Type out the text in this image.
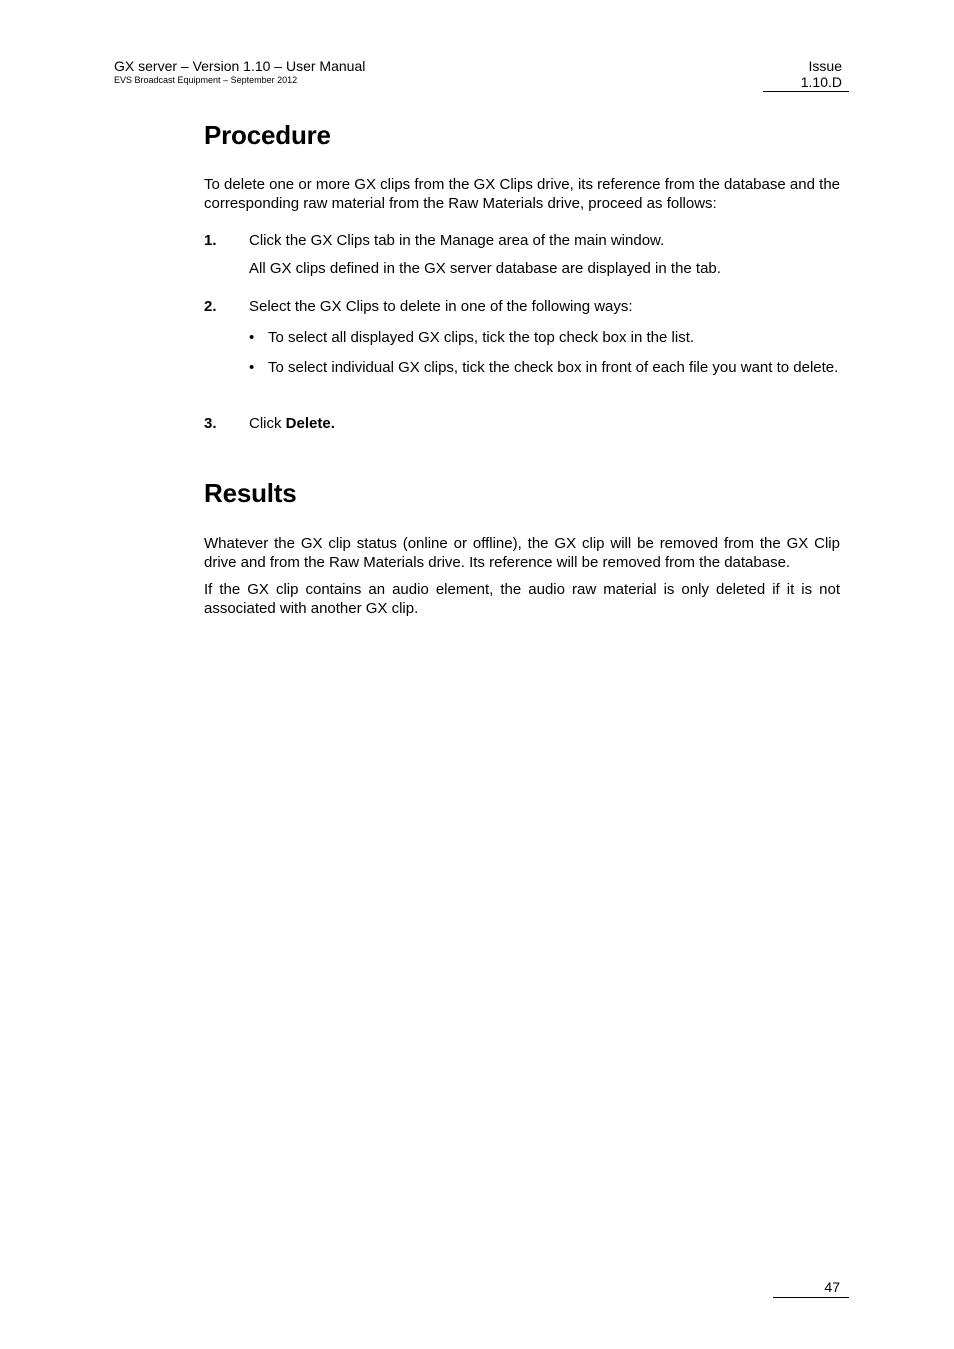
GX server – Version 1.10 – User Manual
EVS Broadcast Equipment – September 2012
Issue
1.10.D
Procedure

To delete one or more GX clips from the GX Clips drive, its reference from the database and the corresponding raw material from the Raw Materials drive, proceed as follows:

1. Click the GX Clips tab in the Manage area of the main window.
All GX clips defined in the GX server database are displayed in the tab.
2. Select the GX Clips to delete in one of the following ways:
• To select all displayed GX clips, tick the top check box in the list.
• To select individual GX clips, tick the check box in front of each file you want to delete.
3. Click Delete.
Results

Whatever the GX clip status (online or offline), the GX clip will be removed from the GX Clip drive and from the Raw Materials drive. Its reference will be removed from the database.

If the GX clip contains an audio element, the audio raw material is only deleted if it is not associated with another GX clip.

47
